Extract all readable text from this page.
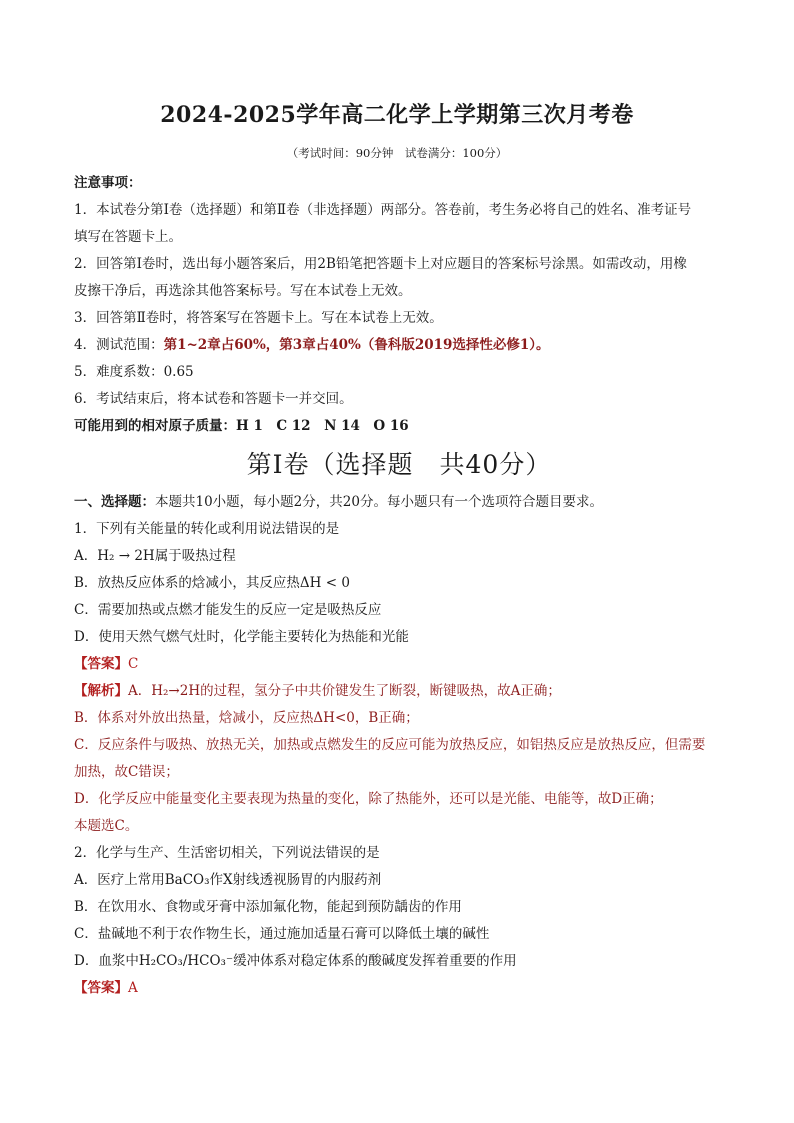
2024-2025学年高二化学上学期第三次月考卷
（考试时间：90分钟　试卷满分：100分）
注意事项：
1．本试卷分第Ⅰ卷（选择题）和第Ⅱ卷（非选择题）两部分。答卷前，考生务必将自己的姓名、准考证号
填写在答题卡上。
2．回答第Ⅰ卷时，选出每小题答案后，用2B铅笔把答题卡上对应题目的答案标号涂黑。如需改动，用橡
皮擦干净后，再选涂其他答案标号。写在本试卷上无效。
3．回答第Ⅱ卷时，将答案写在答题卡上。写在本试卷上无效。
4．测试范围：第1~2章占60%，第3章占40%（鲁科版2019选择性必修1）。
5．难度系数：0.65
6．考试结束后，将本试卷和答题卡一并交回。
可能用到的相对原子质量：H 1　C 12　N 14　O 16
第Ⅰ卷（选择题　共40分）
一、选择题：本题共10小题，每小题2分，共20分。每小题只有一个选项符合题目要求。
1．下列有关能量的转化或利用说法错误的是
A．H₂ → 2H属于吸热过程
B．放热反应体系的焓减小，其反应热ΔH < 0
C．需要加热或点燃才能发生的反应一定是吸热反应
D．使用天然气燃气灶时，化学能主要转化为热能和光能
【答案】C
【解析】A．H₂→2H的过程，氢分子中共价键发生了断裂，断键吸热，故A正确；
B．体系对外放出热量，焓减小，反应热ΔH<0，B正确；
C．反应条件与吸热、放热无关，加热或点燃发生的反应可能为放热反应，如铝热反应是放热反应，但需要
加热，故C错误；
D．化学反应中能量变化主要表现为热量的变化，除了热能外，还可以是光能、电能等，故D正确；
本题选C。
2．化学与生产、生活密切相关，下列说法错误的是
A．医疗上常用BaCO₃作X射线透视肠胃的内服药剂
B．在饮用水、食物或牙膏中添加氟化物，能起到预防龋齿的作用
C．盐碱地不利于农作物生长，通过施加适量石膏可以降低土壤的碱性
D．血浆中H₂CO₃/HCO₃⁻缓冲体系对稳定体系的酸碱度发挥着重要的作用
【答案】A
